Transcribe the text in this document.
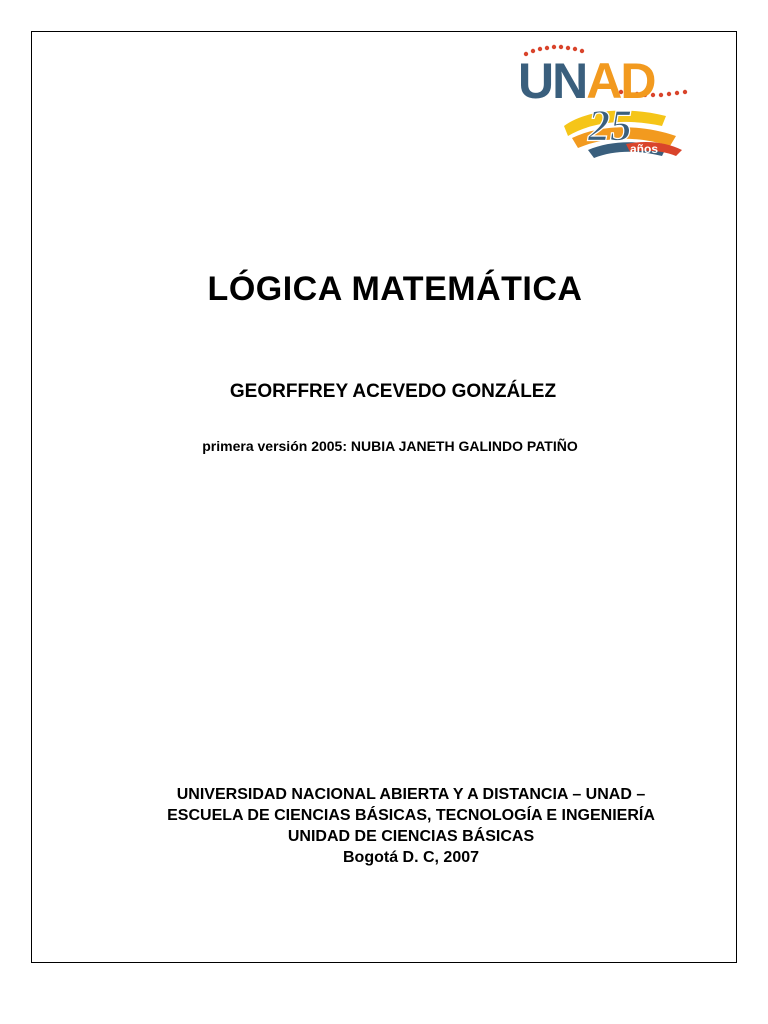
UNAD
25
años
LÓGICA MATEMÁTICA
GEORFFREY ACEVEDO GONZÁLEZ
primera versión 2005: NUBIA JANETH GALINDO PATIÑO
UNIVERSIDAD NACIONAL ABIERTA Y A DISTANCIA – UNAD –
ESCUELA DE CIENCIAS BÁSICAS, TECNOLOGÍA E INGENIERÍA
UNIDAD DE CIENCIAS BÁSICAS
Bogotá D. C, 2007
